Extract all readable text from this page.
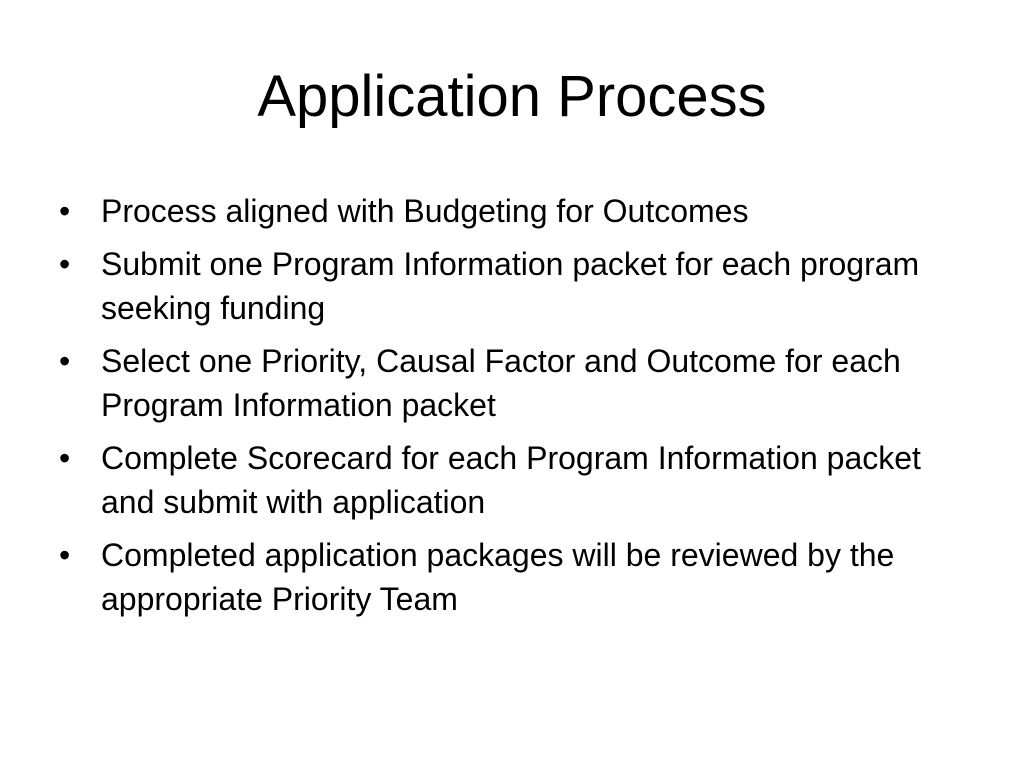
Application Process
• Process aligned with Budgeting for Outcomes
• Submit one Program Information packet for each program seeking funding
• Select one Priority, Causal Factor and Outcome for each Program Information packet
• Complete Scorecard for each Program Information packet and submit with application
• Completed application packages will be reviewed by the appropriate Priority Team
